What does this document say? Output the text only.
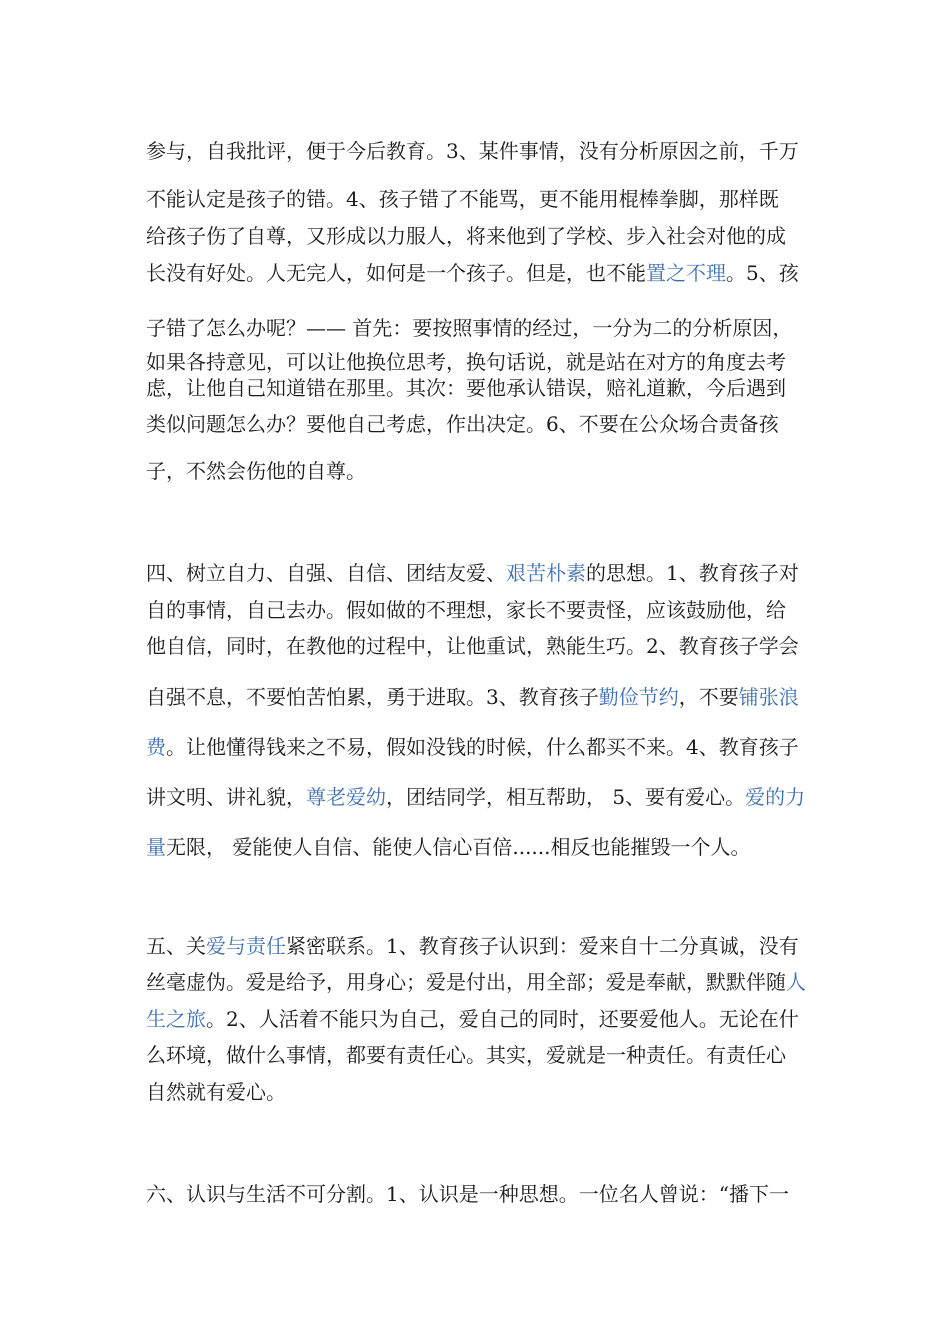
参与，自我批评，便于今后教育。3、某件事情，没有分析原因之前，千万
不能认定是孩子的错。4、孩子错了不能骂，更不能用棍棒拳脚，那样既
给孩子伤了自尊，又形成以力服人，将来他到了学校、步入社会对他的成
长没有好处。人无完人，如何是一个孩子。但是，也不能置之不理。5、孩
子错了怎么办呢？—— 首先：要按照事情的经过，一分为二的分析原因，
如果各持意见，可以让他换位思考，换句话说，就是站在对方的角度去考
虑，让他自己知道错在那里。其次：要他承认错误，赔礼道歉，今后遇到
类似问题怎么办？要他自己考虑，作出决定。6、不要在公众场合责备孩
子，不然会伤他的自尊。
四、树立自力、自强、自信、团结友爱、艰苦朴素的思想。1、教育孩子对
自的事情，自己去办。假如做的不理想，家长不要责怪，应该鼓励他，给
他自信，同时，在教他的过程中，让他重试，熟能生巧。2、教育孩子学会
自强不息，不要怕苦怕累，勇于进取。3、教育孩子勤俭节约，不要铺张浪
费。让他懂得钱来之不易，假如没钱的时候，什么都买不来。4、教育孩子
讲文明、讲礼貌，尊老爱幼，团结同学，相互帮助， 5、要有爱心。爱的力
量无限， 爱能使人自信、能使人信心百倍......相反也能摧毁一个人。
五、关爱与责任紧密联系。1、教育孩子认识到：爱来自十二分真诚，没有
丝毫虚伪。爱是给予，用身心；爱是付出，用全部；爱是奉献，默默伴随人
生之旅。2、人活着不能只为自己，爱自己的同时，还要爱他人。无论在什
么环境，做什么事情，都要有责任心。其实，爱就是一种责任。有责任心
自然就有爱心。
六、认识与生活不可分割。1、认识是一种思想。一位名人曾说：“播下一
